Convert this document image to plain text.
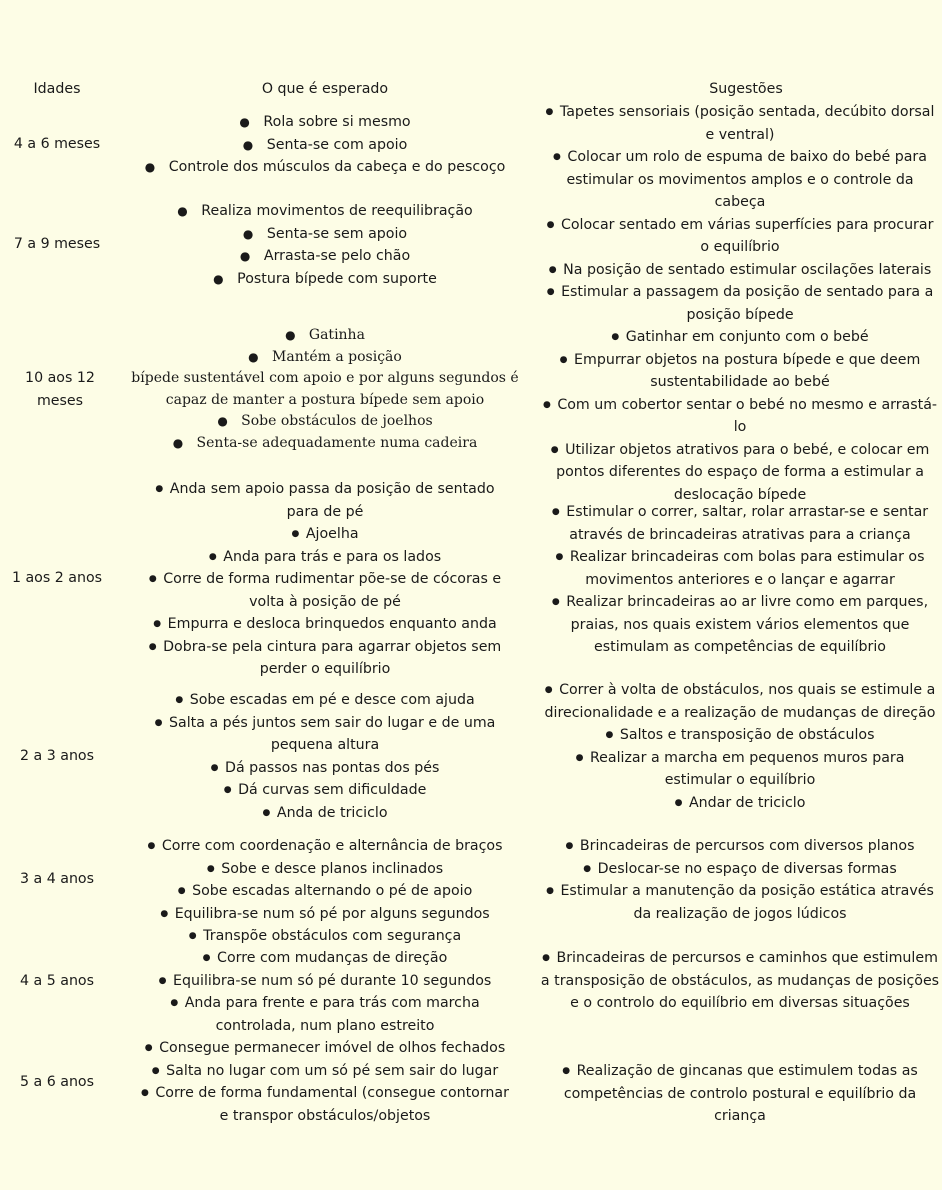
Idades	O que é esperado	Sugestões
4 a 6 meses
7 a 9 meses
10 aos 12 meses
1 aos 2 anos
2 a 3 anos
3 a 4 anos
4 a 5 anos
5 a 6 anos
● Rola sobre si mesmo
● Senta-se com apoio
● Controle dos músculos da cabeça e do pescoço
● Realiza movimentos de reequilibração
● Senta-se sem apoio
● Arrasta-se pelo chão
● Postura bípede com suporte
● Gatinha
● Mantém a posição
bípede sustentável com apoio e por alguns segundos é capaz de manter a postura bípede sem apoio
● Sobe obstáculos de joelhos
● Senta-se adequadamente numa cadeira
● Anda sem apoio passa da posição de sentado para de pé
● Ajoelha
● Anda para trás e para os lados
● Corre de forma rudimentar põe-se de cócoras e volta à posição de pé
● Empurra e desloca brinquedos enquanto anda
● Dobra-se pela cintura para agarrar objetos sem perder o equilíbrio
● Sobe escadas em pé e desce com ajuda
● Salta a pés juntos sem sair do lugar e de uma pequena altura
● Dá passos nas pontas dos pés
● Dá curvas sem dificuldade
● Anda de triciclo
● Corre com coordenação e alternância de braços
● Sobe e desce planos inclinados
● Sobe escadas alternando o pé de apoio
● Equilibra-se num só pé por alguns segundos
● Transpõe obstáculos com segurança
● Corre com mudanças de direção
● Equilibra-se num só pé durante 10 segundos
● Anda para frente e para trás com marcha controlada, num plano estreito
● Consegue permanecer imóvel de olhos fechados
● Salta no lugar com um só pé sem sair do lugar
● Corre de forma fundamental (consegue contornar e transpor obstáculos/objetos
● Tapetes sensoriais (posição sentada, decúbito dorsal e ventral)
● Colocar um rolo de espuma de baixo do bebé para estimular os movimentos amplos e o controle da cabeça
● Colocar sentado em várias superfícies para procurar o equilíbrio
● Na posição de sentado estimular oscilações laterais
● Estimular a passagem da posição de sentado para a posição bípede
● Gatinhar em conjunto com o bebé
● Empurrar objetos na postura bípede e que deem sustentabilidade ao bebé
● Com um cobertor sentar o bebé no mesmo e arrastá-lo
● Utilizar objetos atrativos para o bebé, e colocar em pontos diferentes do espaço de forma a estimular a deslocação bípede
● Estimular o correr, saltar, rolar arrastar-se e sentar através de brincadeiras atrativas para a criança
● Realizar brincadeiras com bolas para estimular os movimentos anteriores e o lançar e agarrar
● Realizar brincadeiras ao ar livre como em parques, praias, nos quais existem vários elementos que estimulam as competências de equilíbrio
● Correr à volta de obstáculos, nos quais se estimule a direcionalidade e a realização de mudanças de direção
● Saltos e transposição de obstáculos
● Realizar a marcha em pequenos muros para estimular o equilíbrio
● Andar de triciclo
● Brincadeiras de percursos com diversos planos
● Deslocar-se no espaço de diversas formas
● Estimular a manutenção da posição estática através da realização de jogos lúdicos
● Brincadeiras de percursos e caminhos que estimulem a transposição de obstáculos, as mudanças de posições e o controlo do equilíbrio em diversas situações
● Realização de gincanas que estimulem todas as competências de controlo postural e equilíbrio da criança
